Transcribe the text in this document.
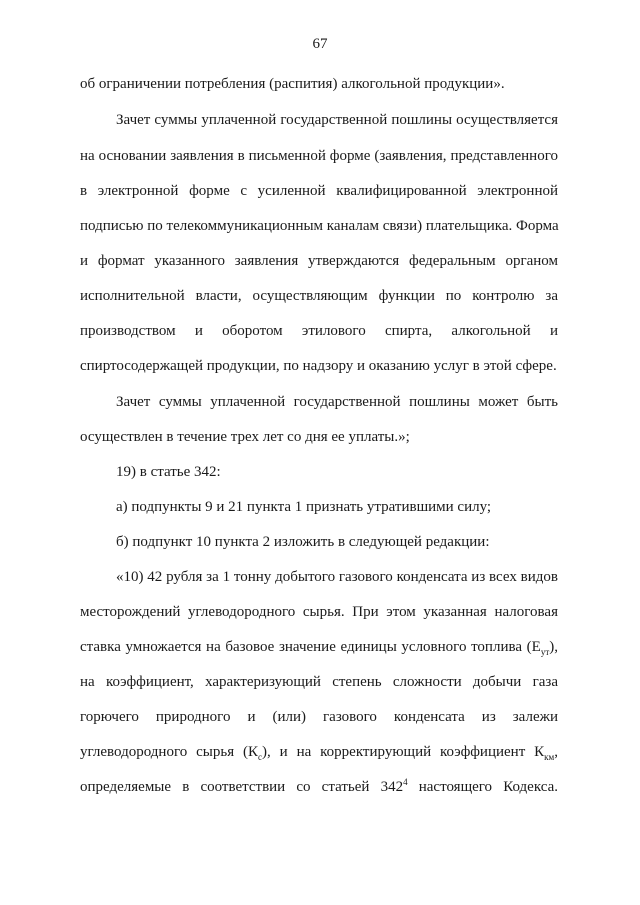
67
об ограничении потребления (распития) алкогольной продукции».
Зачет суммы уплаченной государственной пошлины осуществляется
на основании заявления в письменной форме (заявления, представленного
в электронной форме с усиленной квалифицированной электронной
подписью по телекоммуникационным каналам связи) плательщика. Форма
и формат указанного заявления утверждаются федеральным органом
исполнительной власти, осуществляющим функции по контролю за
производством и оборотом этилового спирта, алкогольной и
спиртосодержащей продукции, по надзору и оказанию услуг в этой сфере.
Зачет суммы уплаченной государственной пошлины может быть
осуществлен в течение трех лет со дня ее уплаты.»;
19) в статье 342:
а) подпункты 9 и 21 пункта 1 признать утратившими силу;
б) подпункт 10 пункта 2 изложить в следующей редакции:
«10) 42 рубля за 1 тонну добытого газового конденсата из всех видов
месторождений углеводородного сырья. При этом указанная налоговая
ставка умножается на базовое значение единицы условного топлива $(Е_{ут})$,
на коэффициент, характеризующий степень сложности добычи газа
горючего природного и (или) газового конденсата из залежи
углеводородного сырья $(К_с)$, и на корректирующий коэффициент $К_{км}$,
определяемые в соответствии со статьей $342^4$ настоящего Кодекса.
